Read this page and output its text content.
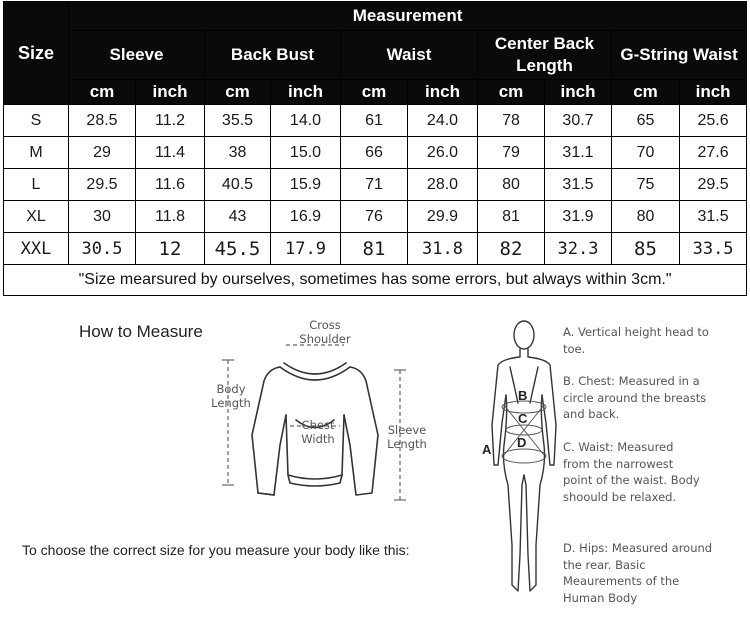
Size	Measurement									
	Sleeve		Back Bust		Waist		Center Back Length		G-String Waist	
	cm	inch	cm	inch	cm	inch	cm	inch	cm	inch
S	28.5	11.2	35.5	14.0	61	24.0	78	30.7	65	25.6
M	29	11.4	38	15.0	66	26.0	79	31.1	70	27.6
L	29.5	11.6	40.5	15.9	71	28.0	80	31.5	75	29.5
XL	30	11.8	43	16.9	76	29.9	81	31.9	80	31.5
XXL	30.5	12	45.5	17.9	81	31.8	82	32.3	85	33.5
"Size mearsured by ourselves, sometimes has some errors, but always within 3cm."										
How to Measure	Cross Shoulder
Body Length
Chest Width
Sleeve Length
To choose the correct size for you measure your body like this:
A
B
C
D
A. Vertical height head to toe.
B. Chest: Measured in a circle around the breasts and back.
C. Waist: Measured from the narrowest point of the waist. Body shoould be relaxed.
D. Hips: Measured around the rear. Basic Meaurements of the Human Body
